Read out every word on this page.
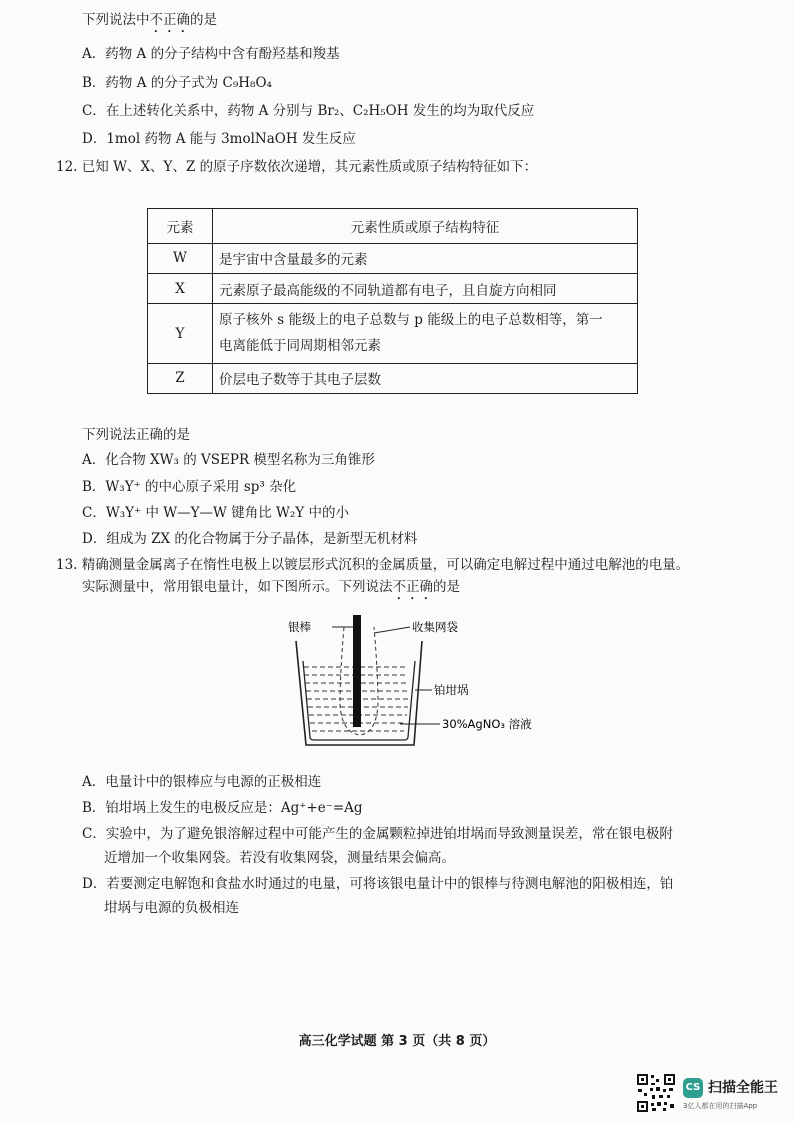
下列说法中不正确的是
A．药物 A 的分子结构中含有酚羟基和羧基
B．药物 A 的分子式为 C₉H₈O₄
C．在上述转化关系中，药物 A 分别与 Br₂、C₂H₅OH 发生的均为取代反应
D．1mol 药物 A 能与 3molNaOH 发生反应
12. 已知 W、X、Y、Z 的原子序数依次递增，其元素性质或原子结构特征如下：
元素	元素性质或原子结构特征
W	是宇宙中含量最多的元素
X	元素原子最高能级的不同轨道都有电子，且自旋方向相同
Y	原子核外 s 能级上的电子总数与 p 能级上的电子总数相等，第一
电离能低于同周期相邻元素
Z	价层电子数等于其电子层数
下列说法正确的是
A．化合物 XW₃ 的 VSEPR 模型名称为三角锥形
B．W₃Y⁺ 的中心原子采用 sp³ 杂化
C．W₃Y⁺ 中 W—Y—W 键角比 W₂Y 中的小
D．组成为 ZX 的化合物属于分子晶体，是新型无机材料
13. 精确测量金属离子在惰性电极上以镀层形式沉积的金属质量，可以确定电解过程中通过电解池的电量。
实际测量中，常用银电量计，如下图所示。下列说法不正确的是
银棒	收集网袋
铂坩埚
30%AgNO₃ 溶液
A．电量计中的银棒应与电源的正极相连
B．铂坩埚上发生的电极反应是：Ag⁺+e⁻=Ag
C．实验中，为了避免银溶解过程中可能产生的金属颗粒掉进铂坩埚而导致测量误差，常在银电极附
近增加一个收集网袋。若没有收集网袋，测量结果会偏高。
D．若要测定电解饱和食盐水时通过的电量，可将该银电量计中的银棒与待测电解池的阳极相连，铂
坩埚与电源的负极相连
高三化学试题 第 3 页（共 8 页）
CS 扫描全能王
3亿人都在用的扫描App
